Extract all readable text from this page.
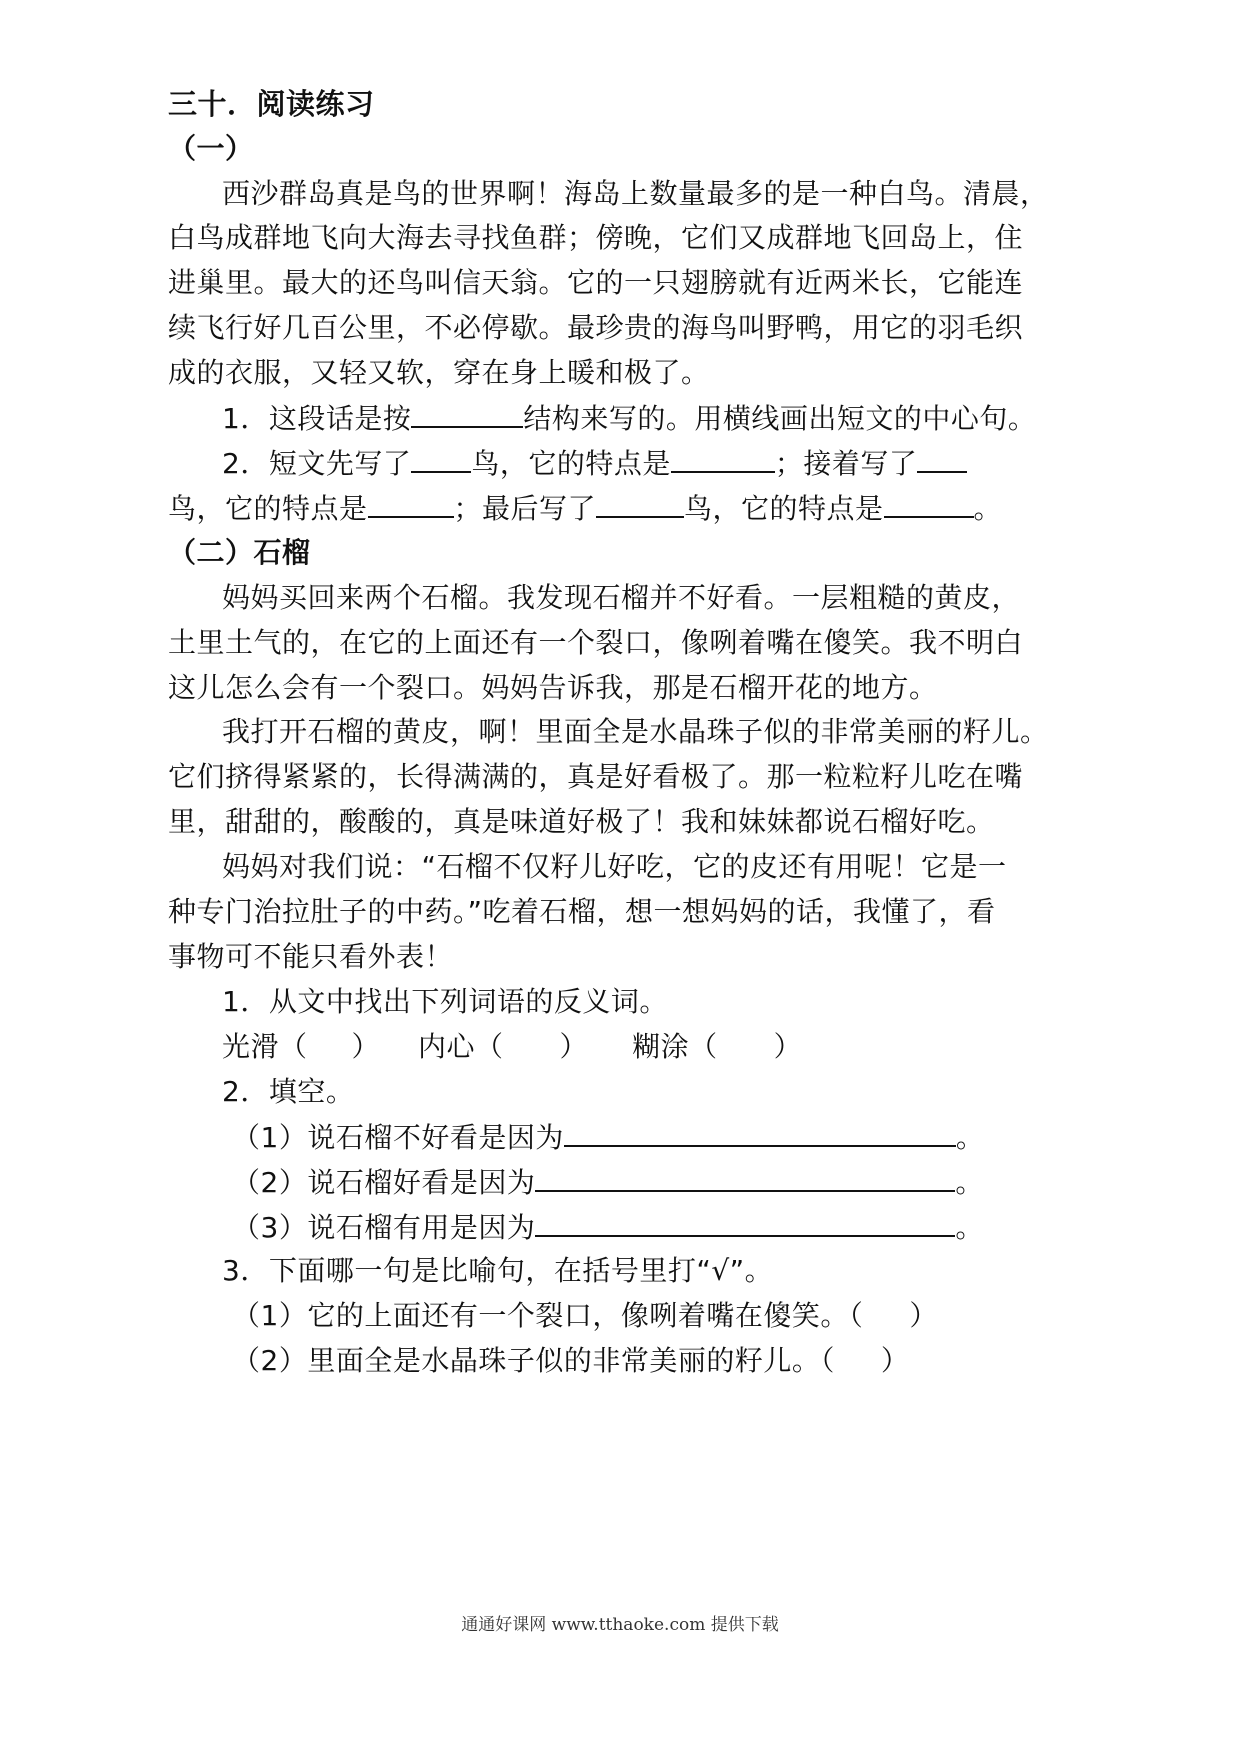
三十．阅读练习
（一）
西沙群岛真是鸟的世界啊！海岛上数量最多的是一种白鸟。清晨，
白鸟成群地飞向大海去寻找鱼群；傍晚，它们又成群地飞回岛上，住
进巢里。最大的还鸟叫信天翁。它的一只翅膀就有近两米长，它能连
续飞行好几百公里，不必停歇。最珍贵的海鸟叫野鸭，用它的羽毛织
成的衣服，又轻又软，穿在身上暖和极了。
1．这段话是按	结构来写的。用横线画出短文的中心句。
2．短文先写了 鸟，它的特点是	；接着写了
鸟，它的特点是	；最后写了	鸟，它的特点是	。
（二）石榴
妈妈买回来两个石榴。我发现石榴并不好看。一层粗糙的黄皮，
土里土气的，在它的上面还有一个裂口，像咧着嘴在傻笑。我不明白
这儿怎么会有一个裂口。妈妈告诉我，那是石榴开花的地方。
我打开石榴的黄皮，啊！里面全是水晶珠子似的非常美丽的籽儿。
它们挤得紧紧的，长得满满的，真是好看极了。那一粒粒籽儿吃在嘴
里，甜甜的，酸酸的，真是味道好极了！我和妹妹都说石榴好吃。
妈妈对我们说：“石榴不仅籽儿好吃，它的皮还有用呢！它是一
种专门治拉肚子的中药。”吃着石榴，想一想妈妈的话，我懂了，看
事物可不能只看外表！
1．从文中找出下列词语的反义词。
光滑（ ） 内心（ ） 糊涂（ ）
2．填空。
（1）说石榴不好看是因为	。
（2）说石榴好看是因为	。
（3）说石榴有用是因为	。
3．下面哪一句是比喻句，在括号里打“√”。
（1）它的上面还有一个裂口，像咧着嘴在傻笑。（ ）
（2）里面全是水晶珠子似的非常美丽的籽儿。（ ）
通通好课网 www.tthaoke.com 提供下载
